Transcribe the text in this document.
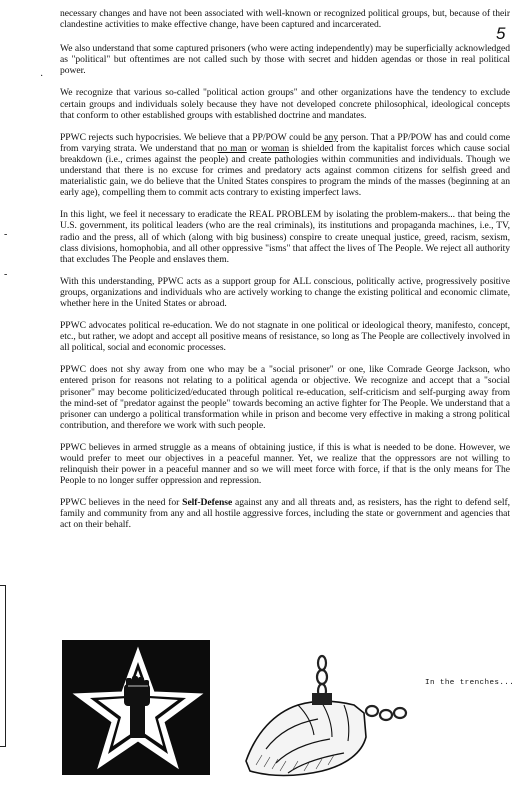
5
·
-
-

necessary changes and have not been associated with well-known or recognized political groups, but, because of their clandestine activities to make effective change, have been captured and incarcerated.

We also understand that some captured prisoners (who were acting independently) may be superficially acknowledged as "political" but oftentimes are not called such by those with secret and hidden agendas or those in real political power.

We recognize that various so-called "political action groups" and other organizations have the tendency to exclude certain groups and individuals solely because they have not developed concrete philosophical, ideological concepts that conform to other established groups with established doctrine and mandates.

PPWC rejects such hypocrisies. We believe that a PP/POW could be any person. That a PP/POW has and could come from varying strata. We understand that no man or woman is shielded from the kapitalist forces which cause social breakdown (i.e., crimes against the people) and create pathologies within communities and individuals. Though we understand that there is no excuse for crimes and predatory acts against common citizens for selfish greed and materialistic gain, we do believe that the United States conspires to program the minds of the masses (beginning at an early age), compelling them to commit acts contrary to existing imperfect laws.

In this light, we feel it necessary to eradicate the REAL PROBLEM by isolating the problem-makers... that being the U.S. government, its political leaders (who are the real criminals), its institutions and propaganda machines, i.e., TV, radio and the press, all of which (along with big business) conspire to create unequal justice, greed, racism, sexism, class divisions, homophobia, and all other oppressive "isms" that affect the lives of The People. We reject all authority that excludes The People and enslaves them.

With this understanding, PPWC acts as a support group for ALL conscious, politically active, progressively positive groups, organizations and individuals who are actively working to change the existing political and economic climate, whether here in the United States or abroad.

PPWC advocates political re-education. We do not stagnate in one political or ideological theory, manifesto, concept, etc., but rather, we adopt and accept all positive means of resistance, so long as The People are collectively involved in all political, social and economic processes.

PPWC does not shy away from one who may be a "social prisoner" or one, like Comrade George Jackson, who entered prison for reasons not relating to a political agenda or objective. We recognize and accept that a "social prisoner" may become politicized/educated through political re-education, self-criticism and self-purging away from the mind-set of "predator against the people" towards becoming an active fighter for The People. We understand that a prisoner can undergo a political transformation while in prison and become very effective in making a strong political contribution, and therefore we work with such people.

PPWC believes in armed struggle as a means of obtaining justice, if this is what is needed to be done. However, we would prefer to meet our objectives in a peaceful manner. Yet, we realize that the oppressors are not willing to relinquish their power in a peaceful manner and so we will meet force with force, if that is the only means for The People to no longer suffer oppression and repression.

PPWC believes in the need for Self-Defense against any and all threats and, as resisters, has the right to defend self, family and community from any and all hostile aggressive forces, including the state or government and agencies that act on their behalf.

In the trenches...
